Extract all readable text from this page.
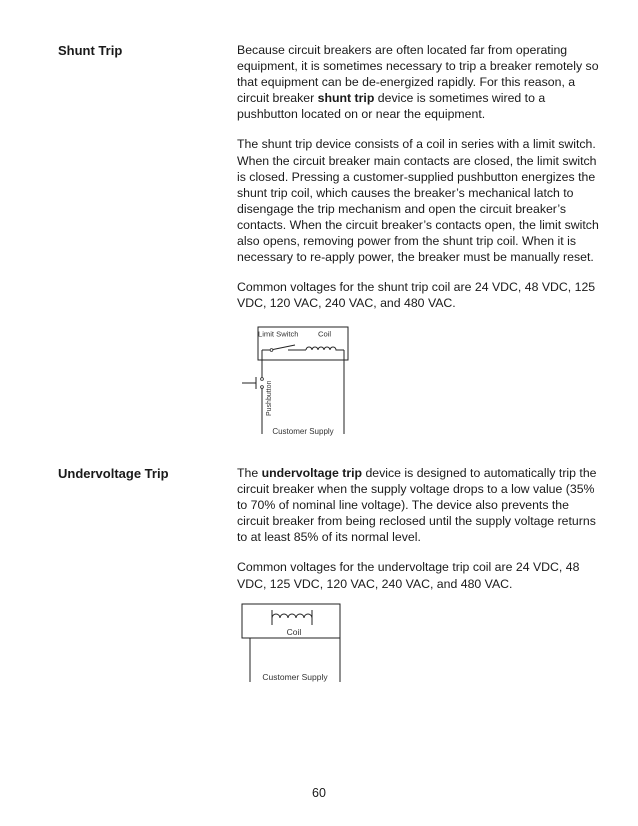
Shunt Trip	Because circuit breakers are often located far from operating equipment, it is sometimes necessary to trip a breaker remotely so that equipment can be de-energized rapidly. For this reason, a circuit breaker shunt trip device is sometimes wired to a pushbutton located on or near the equipment.

The shunt trip device consists of a coil in series with a limit switch. When the circuit breaker main contacts are closed, the limit switch is closed. Pressing a customer-supplied pushbutton energizes the shunt trip coil, which causes the breaker’s mechanical latch to disengage the trip mechanism and open the circuit breaker’s contacts. When the circuit breaker’s contacts open, the limit switch also opens, removing power from the shunt trip coil. When it is necessary to re-apply power, the breaker must be manually reset.

Common voltages for the shunt trip coil are 24 VDC, 48 VDC, 125 VDC, 120 VAC, 240 VAC, and 480 VAC.

Limit Switch	Coil
Pushbutton
Customer Supply
Undervoltage Trip	The undervoltage trip device is designed to automatically trip the circuit breaker when the supply voltage drops to a low value (35% to 70% of nominal line voltage). The device also prevents the circuit breaker from being reclosed until the supply voltage returns to at least 85% of its normal level.

Common voltages for the undervoltage trip coil are 24 VDC, 48 VDC, 125 VDC, 120 VAC, 240 VAC, and 480 VAC.

Coil
Customer Supply
60
